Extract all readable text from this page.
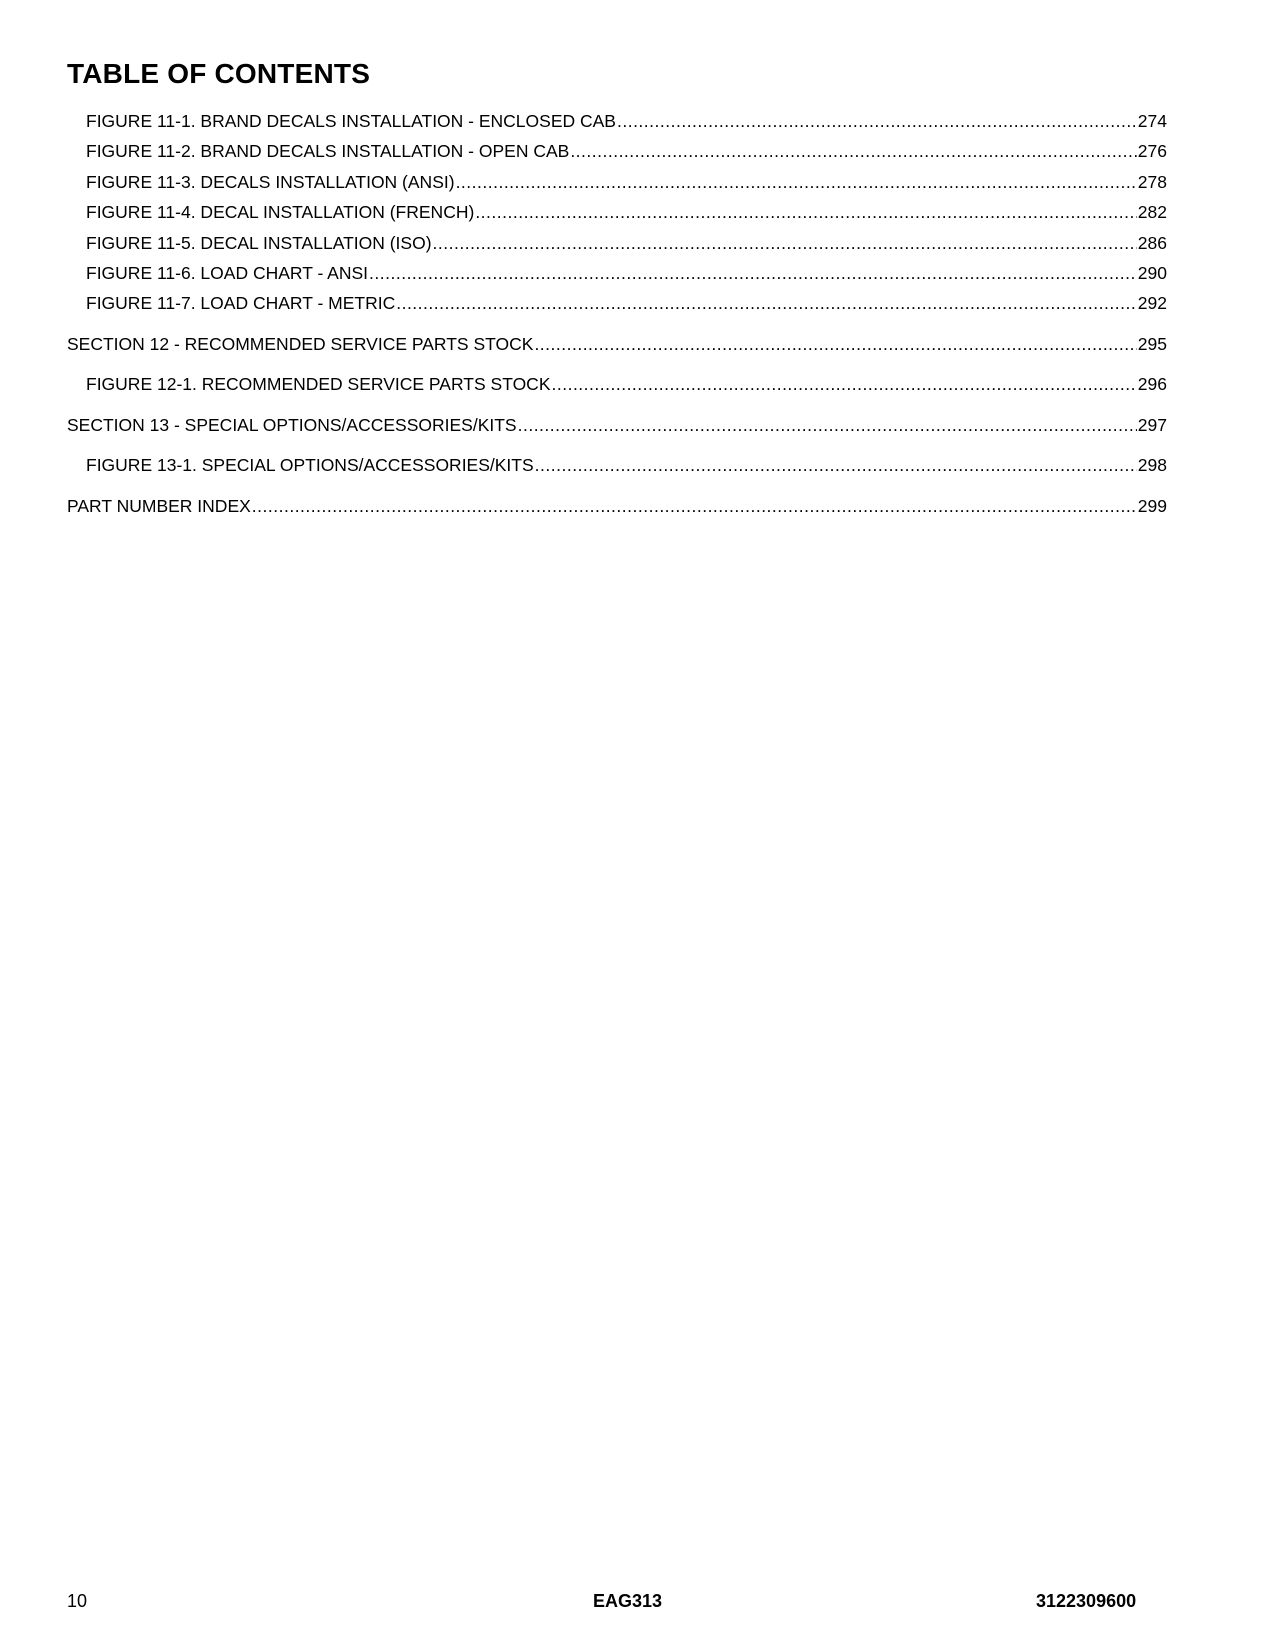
TABLE OF CONTENTS
FIGURE 11-1. BRAND DECALS INSTALLATION - ENCLOSED CAB .....	274
FIGURE 11-2. BRAND DECALS INSTALLATION - OPEN CAB .....	276
FIGURE 11-3. DECALS INSTALLATION (ANSI) .....	278
FIGURE 11-4. DECAL INSTALLATION (FRENCH) .....	282
FIGURE 11-5. DECAL INSTALLATION (ISO) .....	286
FIGURE 11-6. LOAD CHART - ANSI .....	290
FIGURE 11-7. LOAD CHART - METRIC .....	292
SECTION 12 - RECOMMENDED SERVICE PARTS STOCK .....	295
FIGURE 12-1. RECOMMENDED SERVICE PARTS STOCK .....	296
SECTION 13 - SPECIAL OPTIONS/ACCESSORIES/KITS .....	297
FIGURE 13-1. SPECIAL OPTIONS/ACCESSORIES/KITS .....	298
PART NUMBER INDEX .....	299
10	EAG313	3122309600
